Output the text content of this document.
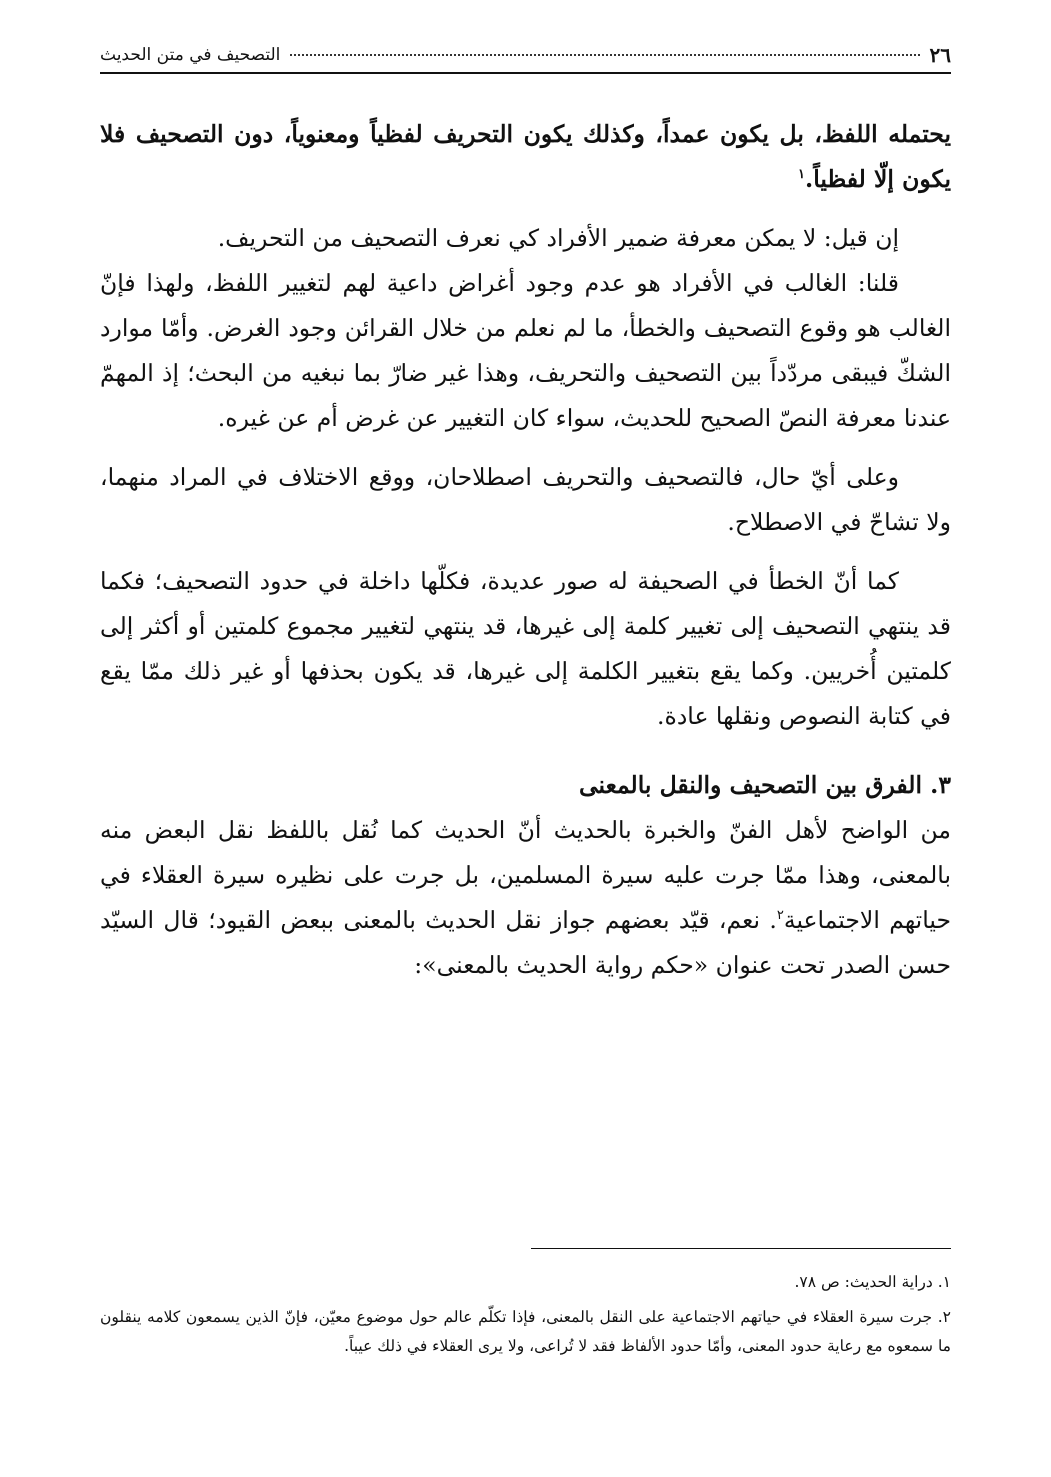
٢٦
التصحيف في متن الحديث

يحتمله اللفظ، بل يكون عمداً، وكذلك يكون التحريف لفظياً ومعنوياً، دون التصحيف فلا يكون إلّا لفظياً.$^١$

إن قيل: لا يمكن معرفة ضمير الأفراد كي نعرف التصحيف من التحريف.

قلنا: الغالب في الأفراد هو عدم وجود أغراض داعية لهم لتغيير اللفظ، ولهذا فإنّ الغالب هو وقوع التصحيف والخطأ، ما لم نعلم من خلال القرائن وجود الغرض. وأمّا موارد الشكّ فيبقى مردّداً بين التصحيف والتحريف، وهذا غير ضارّ بما نبغيه من البحث؛ إذ المهمّ عندنا معرفة النصّ الصحيح للحديث، سواء كان التغيير عن غرض أم عن غيره.

وعلى أيّ حال، فالتصحيف والتحريف اصطلاحان، ووقع الاختلاف في المراد منهما، ولا تشاحّ في الاصطلاح.

كما أنّ الخطأ في الصحيفة له صور عديدة، فكلّها داخلة في حدود التصحيف؛ فكما قد ينتهي التصحيف إلى تغيير كلمة إلى غيرها، قد ينتهي لتغيير مجموع كلمتين أو أكثر إلى كلمتين أُخريين. وكما يقع بتغيير الكلمة إلى غيرها، قد يكون بحذفها أو غير ذلك ممّا يقع في كتابة النصوص ونقلها عادة.

٣. الفرق بين التصحيف والنقل بالمعنى

من الواضح لأهل الفنّ والخبرة بالحديث أنّ الحديث كما نُقل باللفظ نقل البعض منه بالمعنى، وهذا ممّا جرت عليه سيرة المسلمين، بل جرت على نظيره سيرة العقلاء في حياتهم الاجتماعية$^٢$. نعم، قيّد بعضهم جواز نقل الحديث بالمعنى ببعض القيود؛ قال السيّد حسن الصدر تحت عنوان «حكم رواية الحديث بالمعنى»:

١. دراية الحديث: ص ٧٨.

٢. جرت سيرة العقلاء في حياتهم الاجتماعية على النقل بالمعنى، فإذا تكلّم عالم حول موضوع معيّن، فإنّ الذين يسمعون كلامه ينقلون ما سمعوه مع رعاية حدود المعنى، وأمّا حدود الألفاظ فقد لا تُراعى، ولا يرى العقلاء في ذلك عيباً.
